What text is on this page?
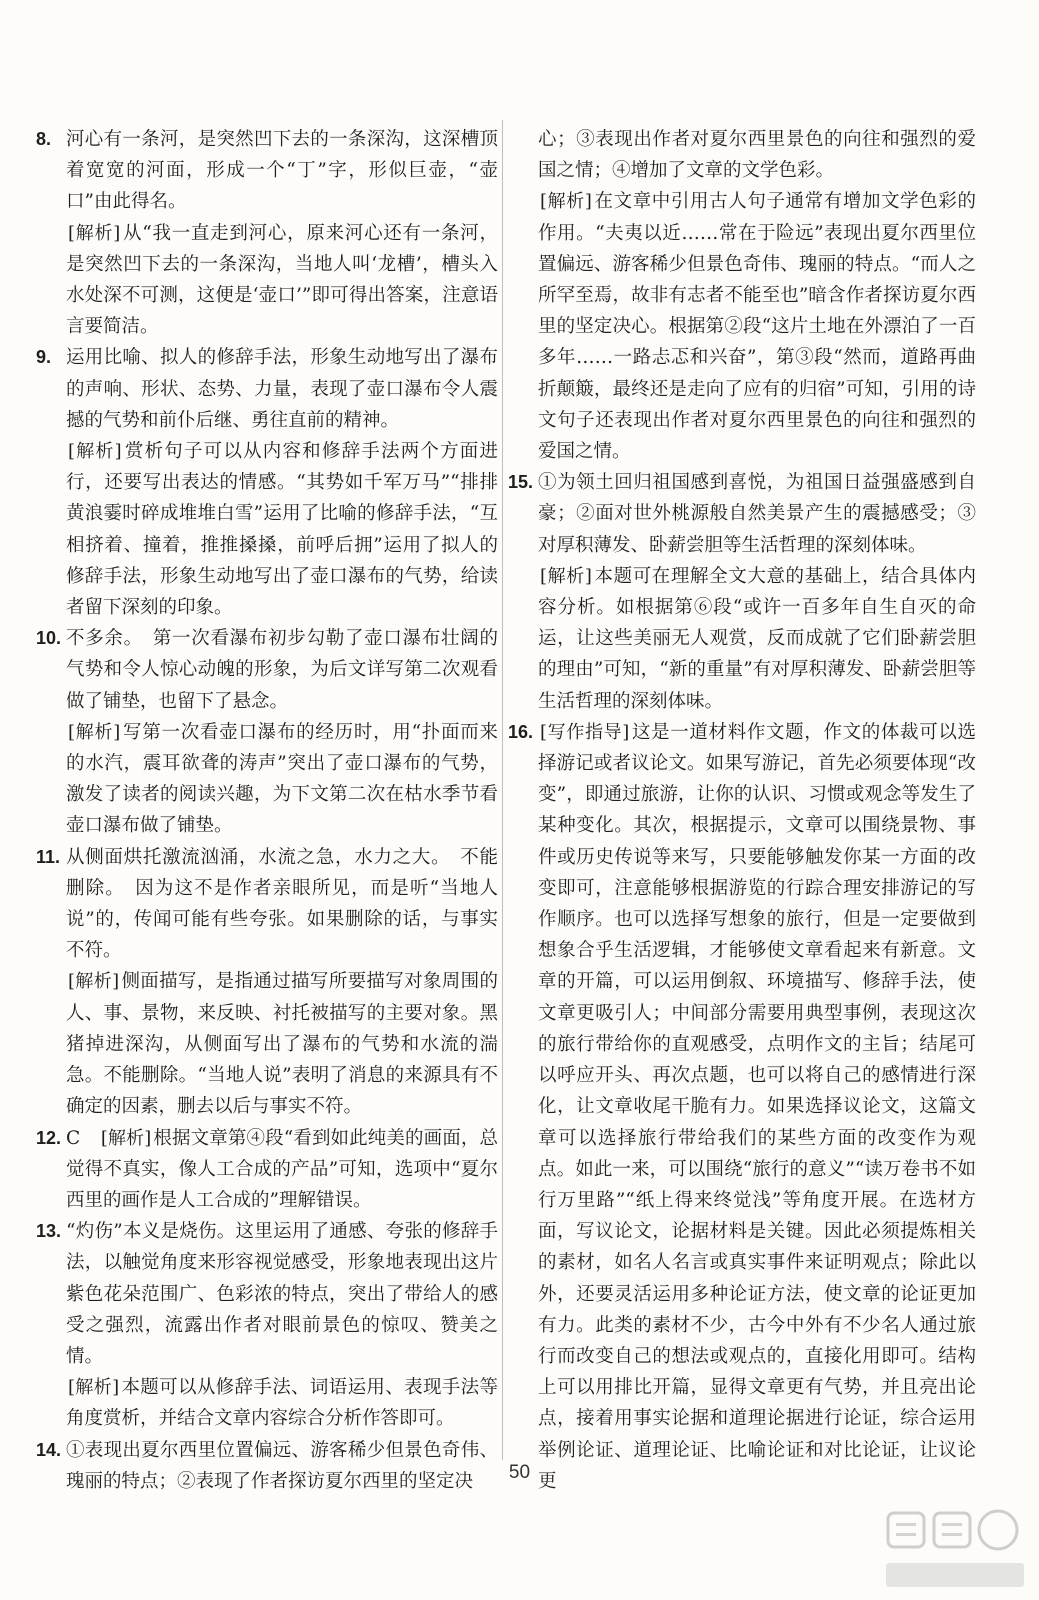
8. 河心有一条河，是突然凹下去的一条深沟，这深槽顶着宽宽的河面，形成一个“丁”字，形似巨壶，“壶口”由此得名。

[ 解析 ] 从“我一直走到河心，原来河心还有一条河，是突然凹下去的一条深沟，当地人叫‘龙槽’，槽头入水处深不可测，这便是‘壶口’”即可得出答案，注意语言要简洁。

9. 运用比喻、拟人的修辞手法，形象生动地写出了瀑布的声响、形状、态势、力量，表现了壶口瀑布令人震撼的气势和前仆后继、勇往直前的精神。

[ 解析 ] 赏析句子可以从内容和修辞手法两个方面进行，还要写出表达的情感。“其势如千军万马”“排排黄浪霎时碎成堆堆白雪”运用了比喻的修辞手法，“互相挤着、撞着，推推搡搡，前呼后拥”运用了拟人的修辞手法，形象生动地写出了壶口瀑布的气势，给读者留下深刻的印象。

10. 不多余。　第一次看瀑布初步勾勒了壶口瀑布壮阔的气势和令人惊心动魄的形象，为后文详写第二次观看做了铺垫，也留下了悬念。

[ 解析 ] 写第一次看壶口瀑布的经历时，用“扑面而来的水汽，震耳欲聋的涛声”突出了壶口瀑布的气势，激发了读者的阅读兴趣，为下文第二次在枯水季节看壶口瀑布做了铺垫。

11. 从侧面烘托激流汹涌，水流之急，水力之大。　不能删除。　因为这不是作者亲眼所见，而是听“当地人说”的，传闻可能有些夸张。如果删除的话，与事实不符。

[ 解析 ] 侧面描写，是指通过描写所要描写对象周围的人、事、景物，来反映、衬托被描写的主要对象。黑猪掉进深沟，从侧面写出了瀑布的气势和水流的湍急。不能删除。“当地人说”表明了消息的来源具有不确定的因素，删去以后与事实不符。

12. C　[ 解析 ] 根据文章第④段“看到如此纯美的画面，总觉得不真实，像人工合成的产品”可知，选项中“夏尔西里的画作是人工合成的”理解错误。

13. “灼伤”本义是烧伤。这里运用了通感、夸张的修辞手法，以触觉角度来形容视觉感受，形象地表现出这片紫色花朵范围广、色彩浓的特点，突出了带给人的感受之强烈，流露出作者对眼前景色的惊叹、赞美之情。

[ 解析 ] 本题可以从修辞手法、词语运用、表现手法等角度赏析，并结合文章内容综合分析作答即可。

14. ①表现出夏尔西里位置偏远、游客稀少但景色奇伟、瑰丽的特点；②表现了作者探访夏尔西里的坚定决

心；③表现出作者对夏尔西里景色的向往和强烈的爱国之情；④增加了文章的文学色彩。

[ 解析 ] 在文章中引用古人句子通常有增加文学色彩的作用。“夫夷以近……常在于险远”表现出夏尔西里位置偏远、游客稀少但景色奇伟、瑰丽的特点。“而人之所罕至焉，故非有志者不能至也”暗含作者探访夏尔西里的坚定决心。根据第②段“这片土地在外漂泊了一百多年……一路忐忑和兴奋”，第③段“然而，道路再曲折颠簸，最终还是走向了应有的归宿”可知，引用的诗文句子还表现出作者对夏尔西里景色的向往和强烈的爱国之情。

15. ①为领土回归祖国感到喜悦，为祖国日益强盛感到自豪；②面对世外桃源般自然美景产生的震撼感受；③对厚积薄发、卧薪尝胆等生活哲理的深刻体味。

[ 解析 ] 本题可在理解全文大意的基础上，结合具体内容分析。如根据第⑥段“或许一百多年自生自灭的命运，让这些美丽无人观赏，反而成就了它们卧薪尝胆的理由”可知，“新的重量”有对厚积薄发、卧薪尝胆等生活哲理的深刻体味。

16.

[ 写作指导 ] 这是一道材料作文题，作文的体裁可以选择游记或者议论文。如果写游记，首先必须要体现“改变”，即通过旅游，让你的认识、习惯或观念等发生了某种变化。其次，根据提示，文章可以围绕景物、事件或历史传说等来写，只要能够触发你某一方面的改变即可，注意能够根据游览的行踪合理安排游记的写作顺序。也可以选择写想象的旅行，但是一定要做到想象合乎生活逻辑，才能够使文章看起来有新意。文章的开篇，可以运用倒叙、环境描写、修辞手法，使文章更吸引人；中间部分需要用典型事例，表现这次的旅行带给你的直观感受，点明作文的主旨；结尾可以呼应开头、再次点题，也可以将自己的感情进行深化，让文章收尾干脆有力。如果选择议论文，这篇文章可以选择旅行带给我们的某些方面的改变作为观点。如此一来，可以围绕“旅行的意义”“读万卷书不如行万里路”“纸上得来终觉浅”等角度开展。在选材方面，写议论文，论据材料是关键。因此必须提炼相关的素材，如名人名言或真实事件来证明观点；除此以外，还要灵活运用多种论证方法，使文章的论证更加有力。此类的素材不少，古今中外有不少名人通过旅行而改变自己的想法或观点的，直接化用即可。结构上可以用排比开篇，显得文章更有气势，并且亮出论点，接着用事实论据和道理论据进行论证，综合运用举例论证、道理论证、比喻论证和对比论证，让议论更

50
